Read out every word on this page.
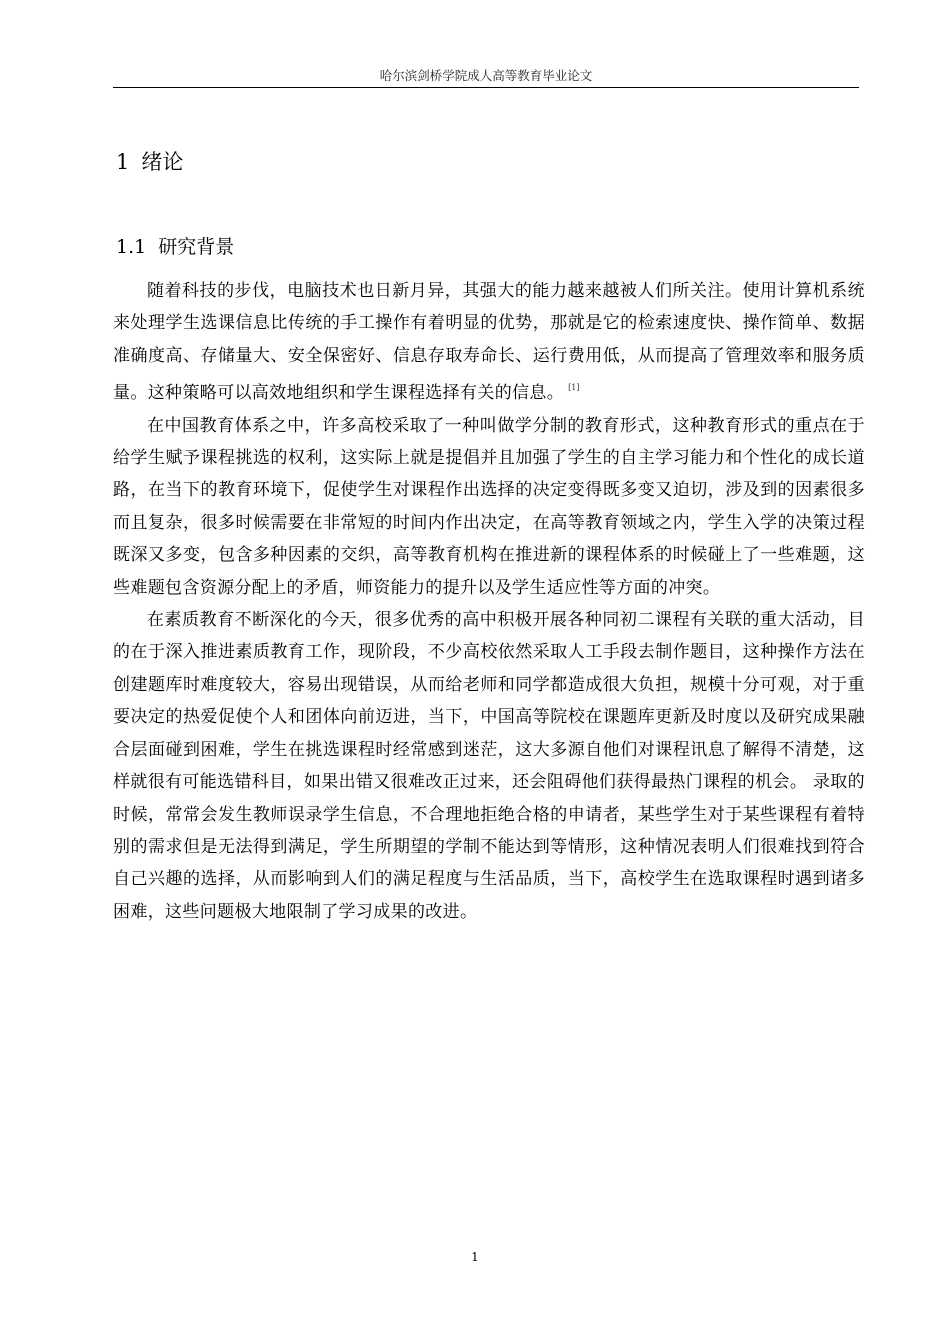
哈尔滨剑桥学院成人高等教育毕业论文
1 绪论
1.1 研究背景

随着科技的步伐，电脑技术也日新月异，其强大的能力越来越被人们所关注。使用计算机系统来处理学生选课信息比传统的手工操作有着明显的优势，那就是它的检索速度快、操作简单、数据准确度高、存储量大、安全保密好、信息存取寿命长、运行费用低，从而提高了管理效率和服务质量。这种策略可以高效地组织和学生课程选择有关的信息。 [1]

在中国教育体系之中，许多高校采取了一种叫做学分制的教育形式，这种教育形式的重点在于给学生赋予课程挑选的权利，这实际上就是提倡并且加强了学生的自主学习能力和个性化的成长道路，在当下的教育环境下，促使学生对课程作出选择的决定变得既多变又迫切，涉及到的因素很多而且复杂，很多时候需要在非常短的时间内作出决定，在高等教育领域之内，学生入学的决策过程既深又多变，包含多种因素的交织，高等教育机构在推进新的课程体系的时候碰上了一些难题，这些难题包含资源分配上的矛盾，师资能力的提升以及学生适应性等方面的冲突。

在素质教育不断深化的今天，很多优秀的高中积极开展各种同初二课程有关联的重大活动，目的在于深入推进素质教育工作，现阶段，不少高校依然采取人工手段去制作题目，这种操作方法在创建题库时难度较大，容易出现错误，从而给老师和同学都造成很大负担，规模十分可观，对于重要决定的热爱促使个人和团体向前迈进，当下，中国高等院校在课题库更新及时度以及研究成果融合层面碰到困难，学生在挑选课程时经常感到迷茫，这大多源自他们对课程讯息了解得不清楚，这样就很有可能选错科目，如果出错又很难改正过来，还会阻碍他们获得最热门课程的机会。 录取的时候，常常会发生教师误录学生信息，不合理地拒绝合格的申请者，某些学生对于某些课程有着特别的需求但是无法得到满足，学生所期望的学制不能达到等情形，这种情况表明人们很难找到符合自己兴趣的选择，从而影响到人们的满足程度与生活品质，当下，高校学生在选取课程时遇到诸多困难，这些问题极大地限制了学习成果的改进。

1
